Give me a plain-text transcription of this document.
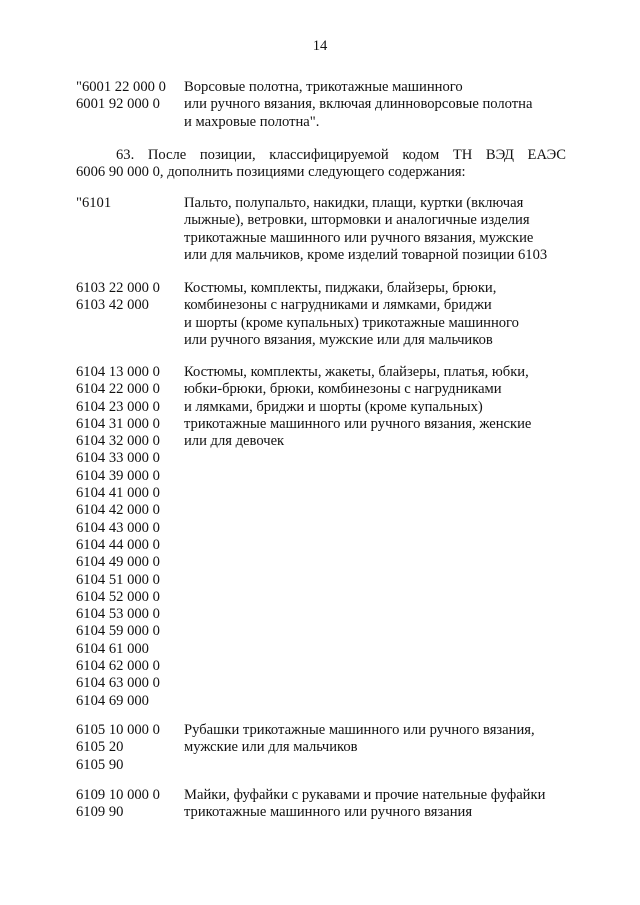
14
"6001 22 000 0
6001 92 000 0
Ворсовые полотна, трикотажные машинного
или ручного вязания, включая длинноворсовые полотна
и махровые полотна".
63. После позиции, классифицируемой кодом ТН ВЭД ЕАЭС
6006 90 000 0, дополнить позициями следующего содержания:
"6101	Пальто, полупальто, накидки, плащи, куртки (включая
лыжные), ветровки, штормовки и аналогичные изделия
трикотажные машинного или ручного вязания, мужские
или для мальчиков, кроме изделий товарной позиции 6103
6103 22 000 0
6103 42 000
Костюмы, комплекты, пиджаки, блайзеры, брюки,
комбинезоны с нагрудниками и лямками, бриджи
и шорты (кроме купальных) трикотажные машинного
или ручного вязания, мужские или для мальчиков
6104 13 000 0
6104 22 000 0
6104 23 000 0
6104 31 000 0
6104 32 000 0
6104 33 000 0
6104 39 000 0
6104 41 000 0
6104 42 000 0
6104 43 000 0
6104 44 000 0
6104 49 000 0
6104 51 000 0
6104 52 000 0
6104 53 000 0
6104 59 000 0
6104 61 000
6104 62 000 0
6104 63 000 0
6104 69 000
Костюмы, комплекты, жакеты, блайзеры, платья, юбки,
юбки-брюки, брюки, комбинезоны с нагрудниками
и лямками, бриджи и шорты (кроме купальных)
трикотажные машинного или ручного вязания, женские
или для девочек
6105 10 000 0
6105 20
6105 90
Рубашки трикотажные машинного или ручного вязания,
мужские или для мальчиков
6109 10 000 0
6109 90
Майки, фуфайки с рукавами и прочие нательные фуфайки
трикотажные машинного или ручного вязания
